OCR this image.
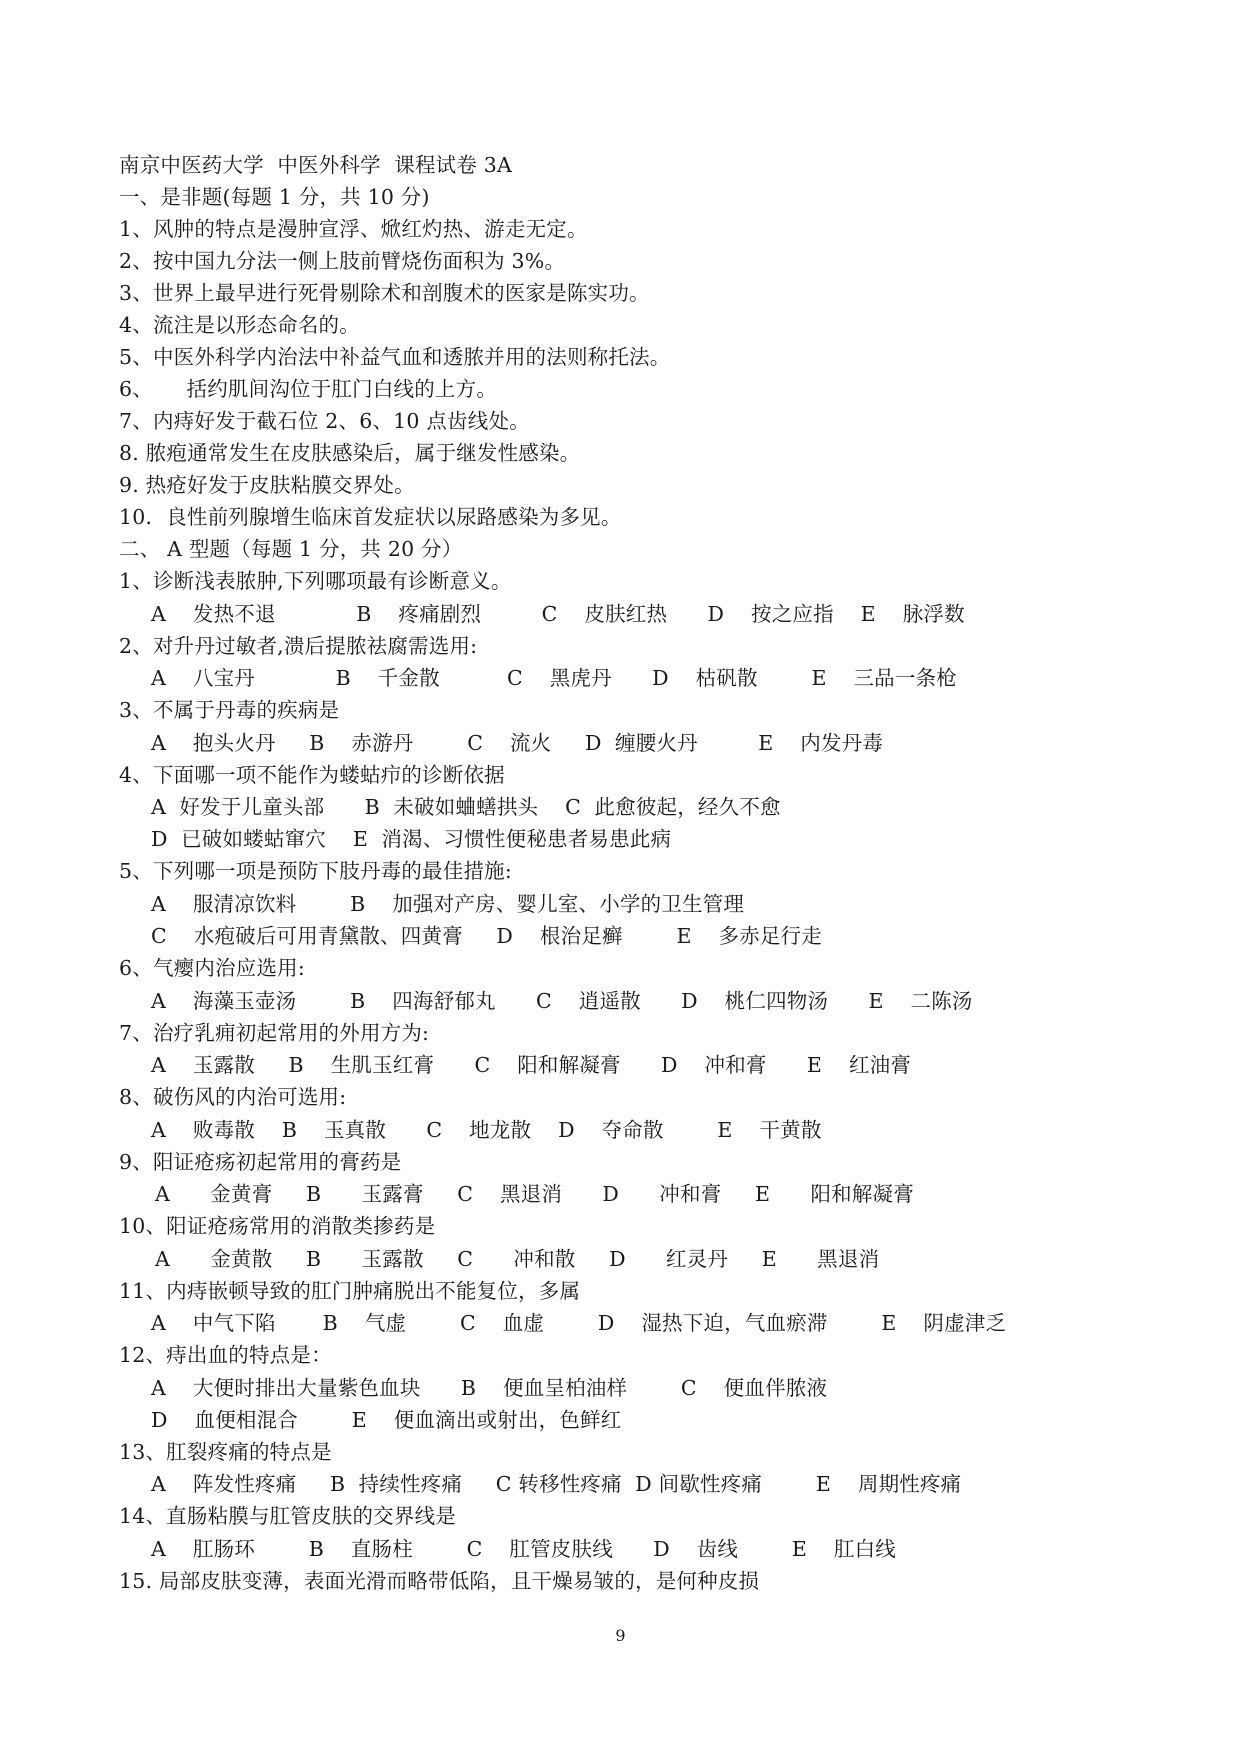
南京中医药大学  中医外科学  课程试卷 3A
一、是非题(每题 1 分，共 10 分)
1、风肿的特点是漫肿宣浮、焮红灼热、游走无定。
2、按中国九分法一侧上肢前臂烧伤面积为 3%。
3、世界上最早进行死骨剔除术和剖腹术的医家是陈实功。
4、流注是以形态命名的。
5、中医外科学内治法中补益气血和透脓并用的法则称托法。
6、     括约肌间沟位于肛门白线的上方。
7、内痔好发于截石位 2、6、10 点齿线处。
8. 脓疱通常发生在皮肤感染后，属于继发性感染。
9. 热疮好发于皮肤粘膜交界处。
10．良性前列腺增生临床首发症状以尿路感染为多见。
二、 A 型题（每题 1 分，共 20 分）
1、诊断浅表脓肿,下列哪项最有诊断意义。
A    发热不退            B    疼痛剧烈         C    皮肤红热      D    按之应指    E    脉浮数
2、对升丹过敏者,溃后提脓祛腐需选用:
A    八宝丹            B    千金散          C    黑虎丹      D    枯矾散        E    三品一条枪
3、不属于丹毒的疾病是
A    抱头火丹     B    赤游丹        C    流火     D  缠腰火丹         E    内发丹毒
4、下面哪一项不能作为蝼蛄疖的诊断依据
A  好发于儿童头部      B  未破如蛐蟮拱头    C  此愈彼起，经久不愈
D  已破如蝼蛄窜穴    E  消渴、习惯性便秘患者易患此病
5、下列哪一项是预防下肢丹毒的最佳措施:
A    服清凉饮料        B    加强对产房、婴儿室、小学的卫生管理
C    水疱破后可用青黛散、四黄膏     D    根治足癣        E    多赤足行走
6、气瘿内治应选用:
A    海藻玉壶汤        B    四海舒郁丸      C    逍遥散      D    桃仁四物汤      E    二陈汤
7、治疗乳痈初起常用的外用方为:
A    玉露散     B    生肌玉红膏      C    阳和解凝膏      D    冲和膏      E    红油膏
8、破伤风的内治可选用:
A    败毒散    B    玉真散      C    地龙散    D    夺命散        E    干黄散
9、阳证疮疡初起常用的膏药是
A      金黄膏     B      玉露膏     C    黑退消      D      冲和膏     E      阳和解凝膏
10、阳证疮疡常用的消散类掺药是
A      金黄散     B      玉露散     C      冲和散     D      红灵丹     E      黑退消
11、内痔嵌顿导致的肛门肿痛脱出不能复位，多属
A    中气下陷       B    气虚        C    血虚        D    湿热下迫，气血瘀滞        E    阴虚津乏
12、痔出血的特点是：
A    大便时排出大量紫色血块      B    便血呈柏油样        C    便血伴脓液
D    血便相混合        E    便血滴出或射出，色鲜红
13、肛裂疼痛的特点是
A    阵发性疼痛     B  持续性疼痛     C 转移性疼痛  D 间歇性疼痛        E    周期性疼痛
14、直肠粘膜与肛管皮肤的交界线是
A    肛肠环        B    直肠柱        C    肛管皮肤线      D    齿线        E    肛白线
15. 局部皮肤变薄，表面光滑而略带低陷，且干燥易皱的，是何种皮损
9
